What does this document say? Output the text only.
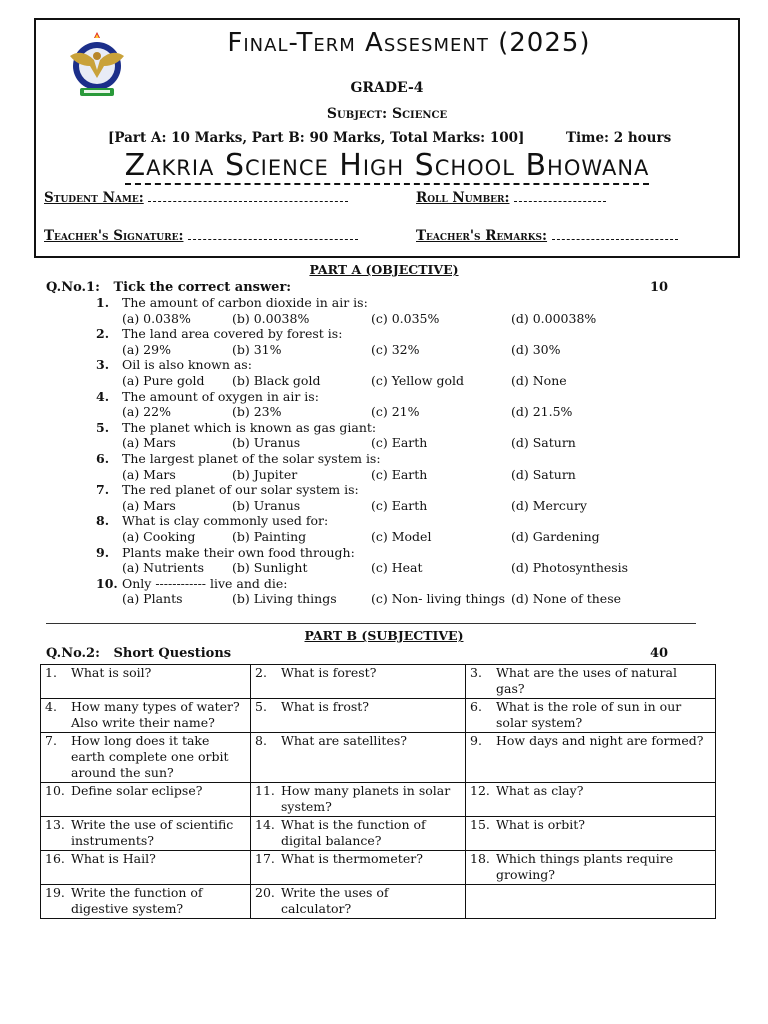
Final-Term Assesment (2025)
GRADE-4
Subject: Science
[Part A: 10 Marks, Part B: 90 Marks, Total Marks: 100]	Time: 2 hours
Zakria Science High School Bhowana
Student Name:	Roll Number:
Teacher's Signature:	Teacher's Remarks:
PART A (OBJECTIVE)
Q.No.1: Tick the correct answer:	10
1. The amount of carbon dioxide in air is:
(a) 0.038%	(b) 0.0038%	(c) 0.035%	(d) 0.00038%
2. The land area covered by forest is:
(a) 29%	(b) 31%	(c) 32%	(d) 30%
3. Oil is also known as:
(a) Pure gold (b) Black gold	(c) Yellow gold	(d) None
4. The amount of oxygen in air is:
(a) 22%	(b) 23%	(c) 21%	(d) 21.5%
5. The planet which is known as gas giant:
(a) Mars	(b) Uranus	(c) Earth	(d) Saturn
6. The largest planet of the solar system is:
(a) Mars	(b) Jupiter	(c) Earth	(d) Saturn
7. The red planet of our solar system is:
(a) Mars	(b) Uranus	(c) Earth	(d) Mercury
8. What is clay commonly used for:
(a) Cooking	(b) Painting	(c) Model	(d) Gardening
9. Plants make their own food through:
(a) Nutrients (b) Sunlight	(c) Heat	(d) Photosynthesis
10. Only ------------ live and die:
(a) Plants	(b) Living things	(c) Non- living things (d) None of these
PART B (SUBJECTIVE)
Q.No.2: Short Questions	40
1. What is soil?	2. What is forest?	3. What are the uses of natural gas?
4. How many types of water? Also write their name?	5. What is frost?	6. What is the role of sun in our solar system?
7. How long does it take earth complete one orbit around the sun?	8. What are satellites?	9. How days and night are formed?
10. Define solar eclipse?	11. How many planets in solar system?	12. What as clay?
13. Write the use of scientific instruments?	14. What is the function of digital balance?	15. What is orbit?
16. What is Hail?	17. What is thermometer?	18. Which things plants require growing?
19. Write the function of digestive system?	20. Write the uses of calculator?	
